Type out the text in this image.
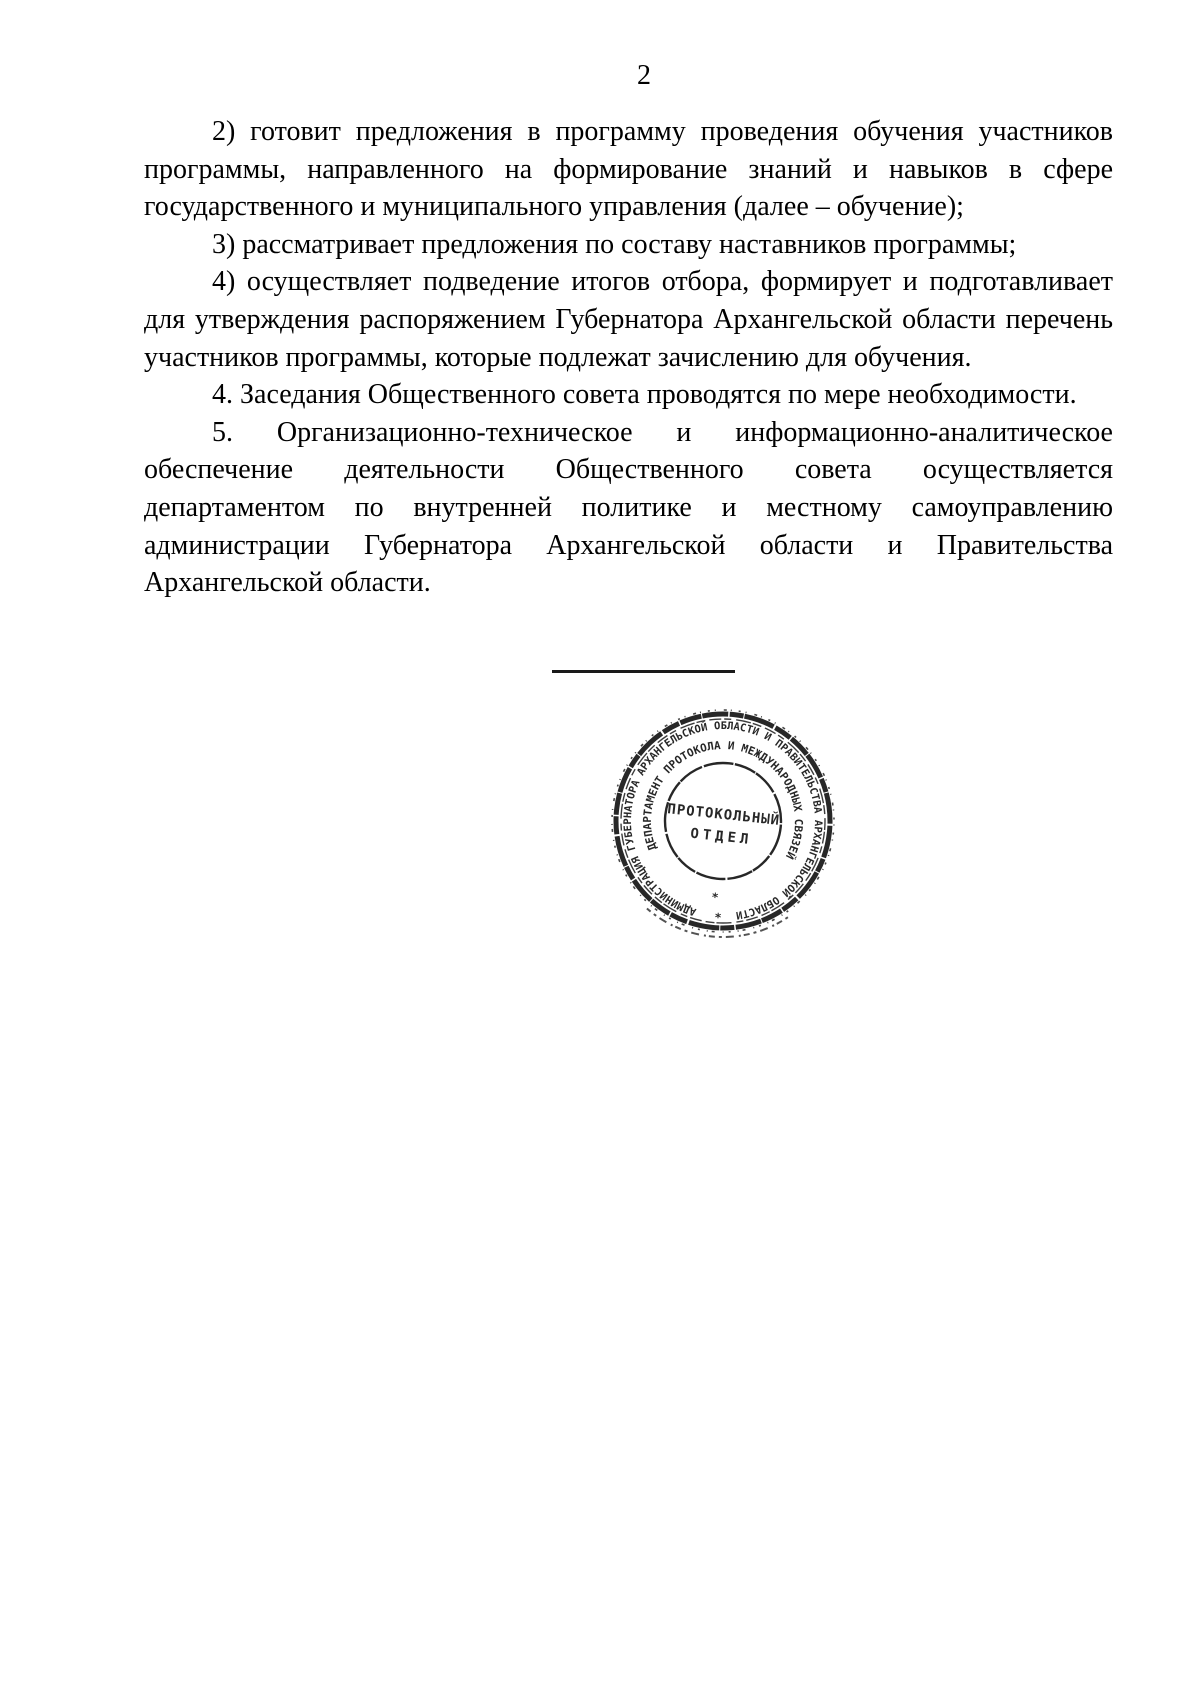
2
2) готовит предложения в программу проведения обучения участников
программы, направленного на формирование знаний и навыков в сфере
государственного и муниципального управления (далее – обучение);
3) рассматривает предложения по составу наставников программы;
4) осуществляет подведение итогов отбора, формирует и подготавливает
для утверждения распоряжением Губернатора Архангельской области перечень
участников программы, которые подлежат зачислению для обучения.
4. Заседания Общественного совета проводятся по мере необходимости.
5. Организационно-техническое и информационно-аналитическое
обеспечение деятельности Общественного совета осуществляется
департаментом по внутренней политике и местному самоуправлению
администрации Губернатора Архангельской области и Правительства
Архангельской области.
АДМИНИСТРАЦИЯ ГУБЕРНАТОРА АРХАНГЕЛЬСКОЙ ОБЛАСТИ И ПРАВИТЕЛЬСТВА АРХАНГЕЛЬСКОЙ ОБЛАСТИ
ДЕПАРТАМЕНТ ПРОТОКОЛА И МЕЖДУНАРОДНЫХ СВЯЗЕЙ
*
*
ПРОТОКОЛЬНЫЙ
ОТДЕЛ
